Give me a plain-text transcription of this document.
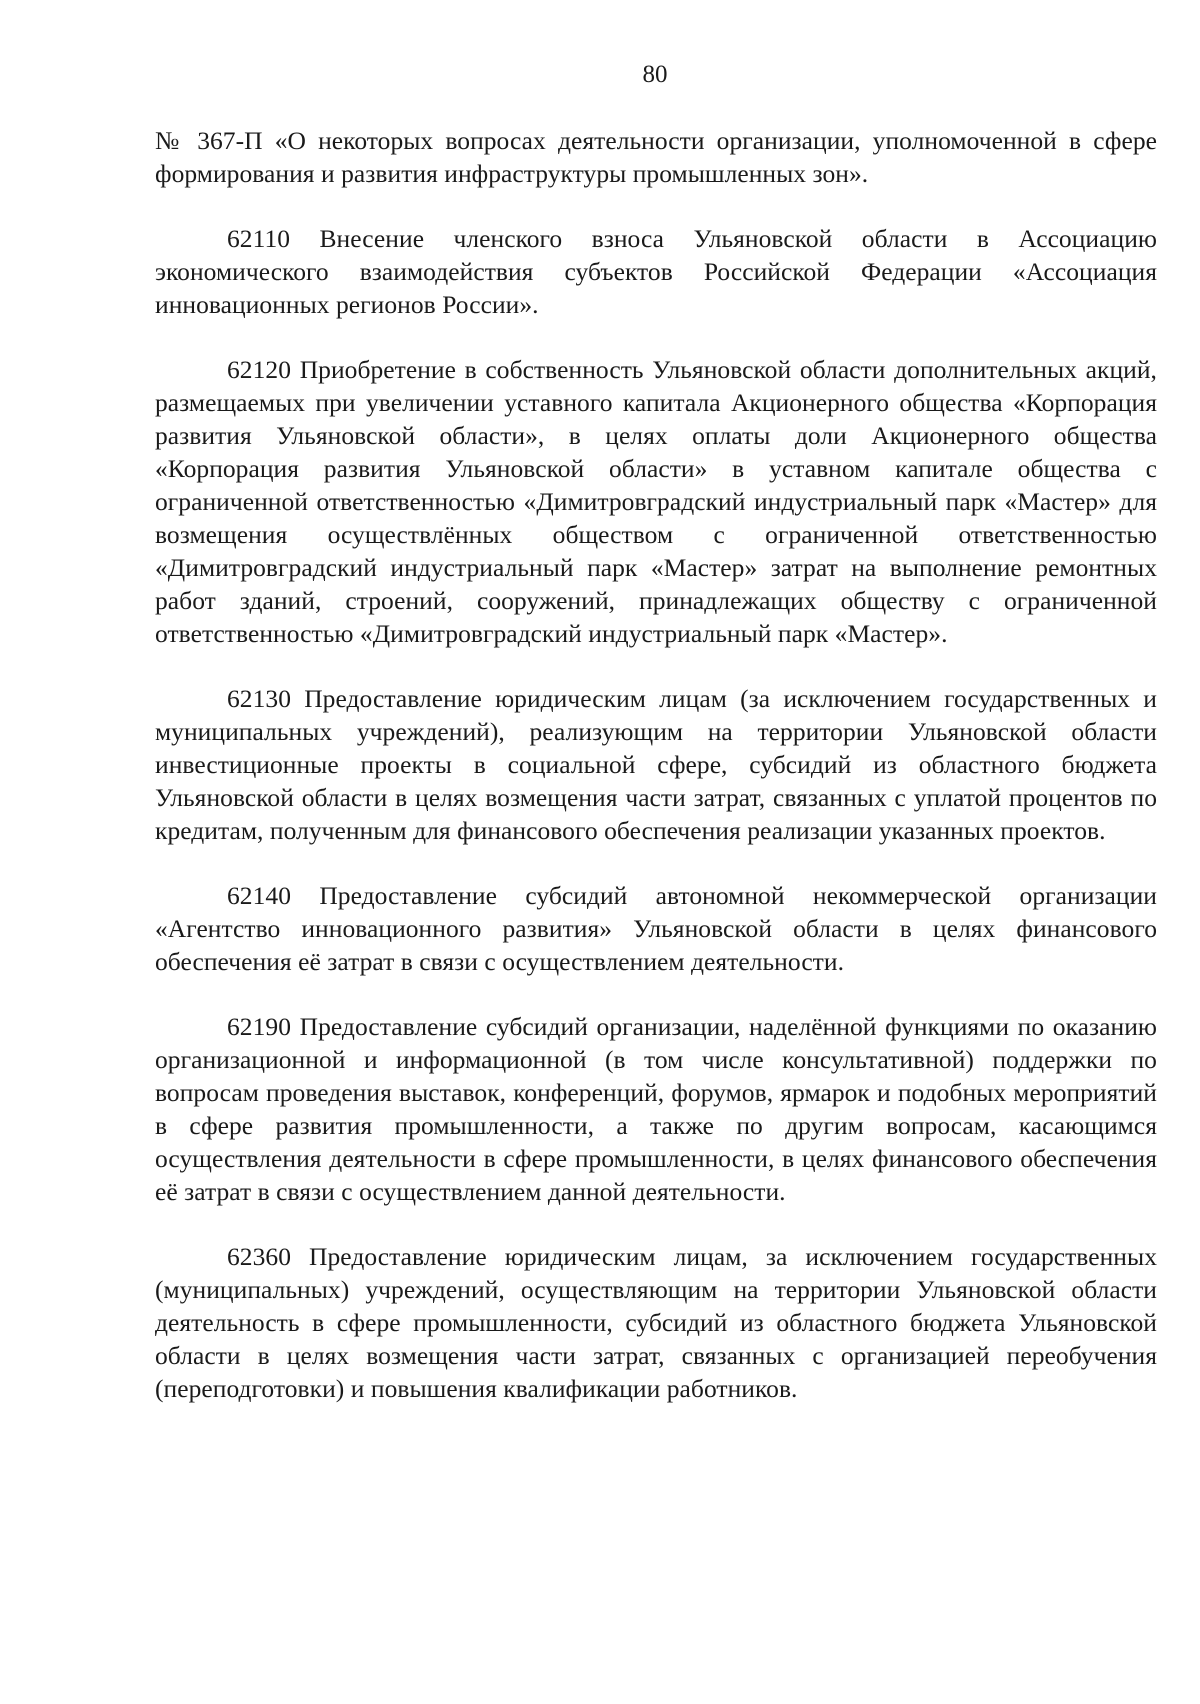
80

№ 367-П «О некоторых вопросах деятельности организации, уполномоченной в сфере формирования и развития инфраструктуры промышленных зон».

62110 Внесение членского взноса Ульяновской области в Ассоциацию экономического взаимодействия субъектов Российской Федерации «Ассоциация инновационных регионов России».

62120 Приобретение в собственность Ульяновской области дополнительных акций, размещаемых при увеличении уставного капитала Акционерного общества «Корпорация развития Ульяновской области», в целях оплаты доли Акционерного общества «Корпорация развития Ульяновской области» в уставном капитале общества с ограниченной ответственностью «Димитровградский индустриальный парк «Мастер» для возмещения осуществлённых обществом с ограниченной ответственностью «Димитровградский индустриальный парк «Мастер» затрат на выполнение ремонтных работ зданий, строений, сооружений, принадлежащих обществу с ограниченной ответственностью «Димитровградский индустриальный парк «Мастер».

62130 Предоставление юридическим лицам (за исключением государственных и муниципальных учреждений), реализующим на территории Ульяновской области инвестиционные проекты в социальной сфере, субсидий из областного бюджета Ульяновской области в целях возмещения части затрат, связанных с уплатой процентов по кредитам, полученным для финансового обеспечения реализации указанных проектов.

62140 Предоставление субсидий автономной некоммерческой организации «Агентство инновационного развития» Ульяновской области в целях финансового обеспечения её затрат в связи с осуществлением деятельности.

62190 Предоставление субсидий организации, наделённой функциями по оказанию организационной и информационной (в том числе консультативной) поддержки по вопросам проведения выставок, конференций, форумов, ярмарок и подобных мероприятий в сфере развития промышленности, а также по другим вопросам, касающимся осуществления деятельности в сфере промышленности, в целях финансового обеспечения её затрат в связи с осуществлением данной деятельности.

62360 Предоставление юридическим лицам, за исключением государственных (муниципальных) учреждений, осуществляющим на территории Ульяновской области деятельность в сфере промышленности, субсидий из областного бюджета Ульяновской области в целях возмещения части затрат, связанных с организацией переобучения (переподготовки) и повышения квалификации работников.
